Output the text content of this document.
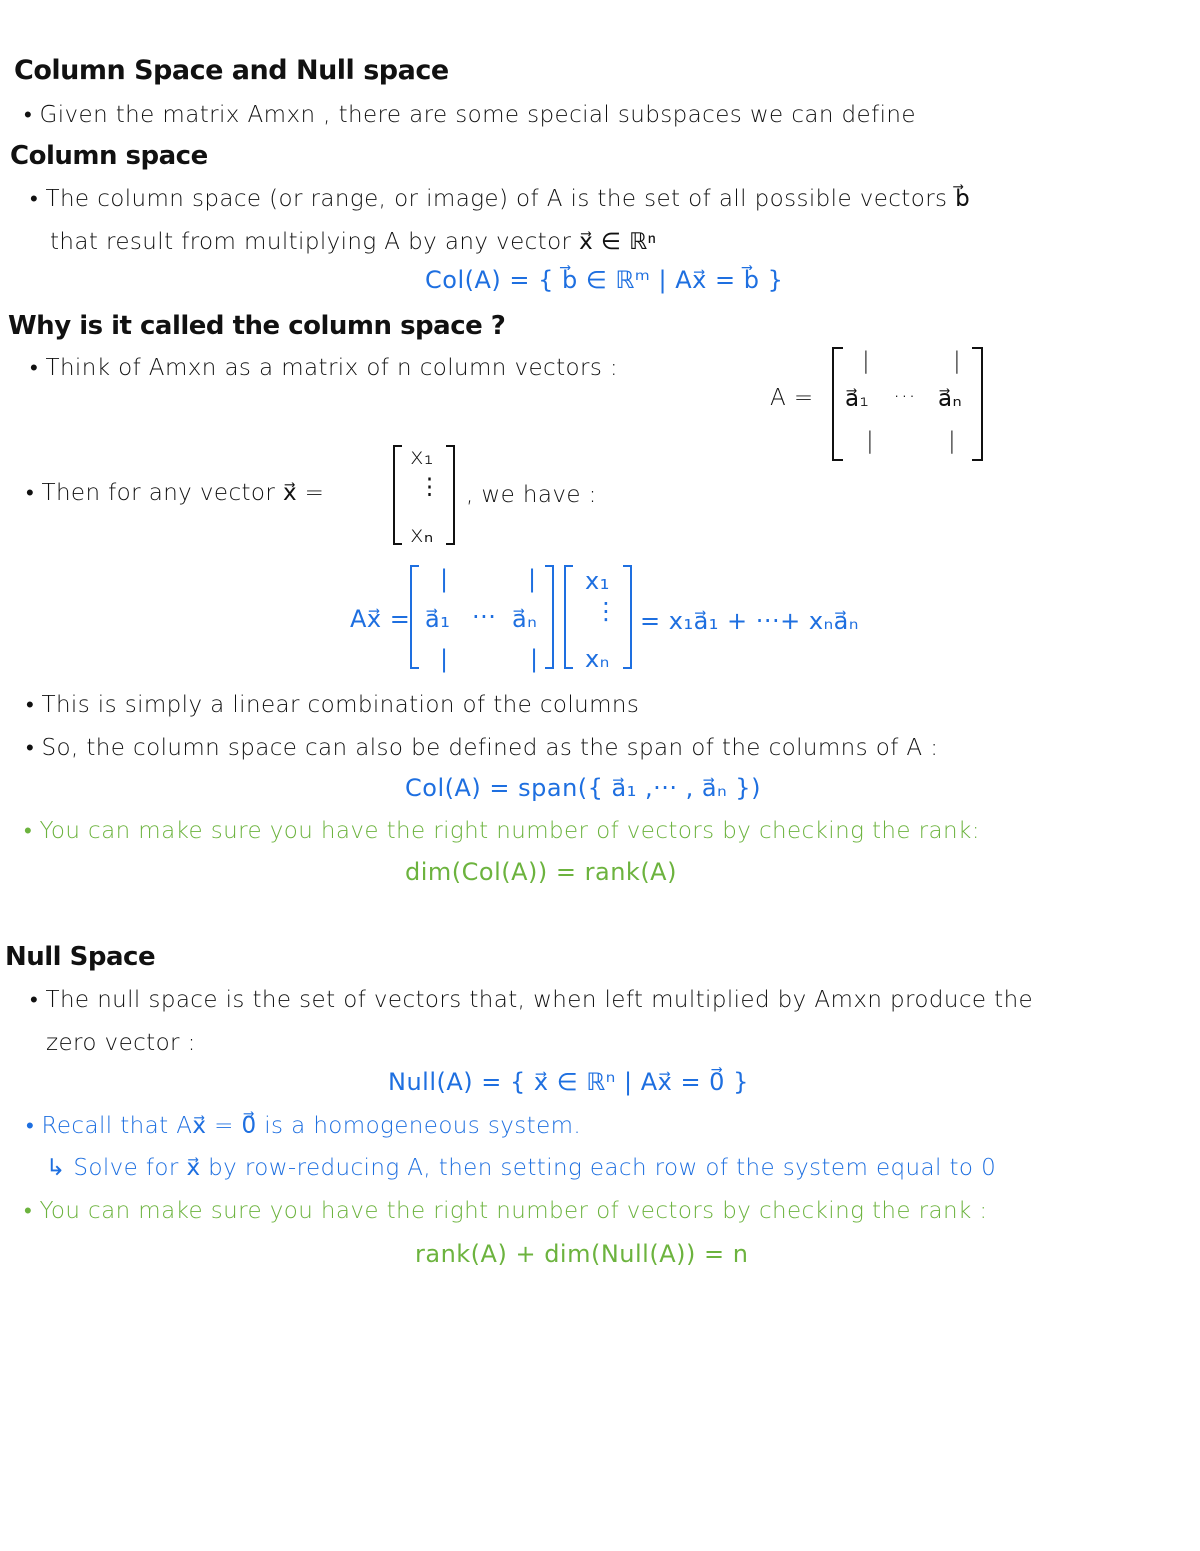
Column Space and Null space
• Given the matrix Amxn , there are some special subspaces we can define
Column space
• The column space (or range, or image) of A is the set of all possible vectors b⃗
that result from multiplying A by any vector x⃗ ∈ ℝⁿ
Col(A) = { b⃗ ∈ ℝᵐ | Ax⃗ = b⃗ }
Why is it called the column space ?
• Think of Amxn as a matrix of n column vectors :
A =
|	|
a⃗₁ ··· a⃗ₙ
|	|
• Then for any vector x⃗ =
x₁
⋮
xₙ
, we have :
Ax⃗ =
|	|
a⃗₁ ··· a⃗ₙ
|	|
x₁
⋮
xₙ
= x₁a⃗₁ + ···+ xₙa⃗ₙ
• This is simply a linear combination of the columns
• So, the column space can also be defined as the span of the columns of A :
Col(A) = span({ a⃗₁ ,··· , a⃗ₙ })
• You can make sure you have the right number of vectors by checking the rank:
dim(Col(A)) = rank(A)
Null Space
• The null space is the set of vectors that, when left multiplied by Amxn produce the
zero vector :
Null(A) = { x⃗ ∈ ℝⁿ | Ax⃗ = 0⃗ }
• Recall that Ax⃗ = 0⃗ is a homogeneous system.
↳ Solve for x⃗ by row-reducing A, then setting each row of the system equal to 0
• You can make sure you have the right number of vectors by checking the rank :
rank(A) + dim(Null(A)) = n
